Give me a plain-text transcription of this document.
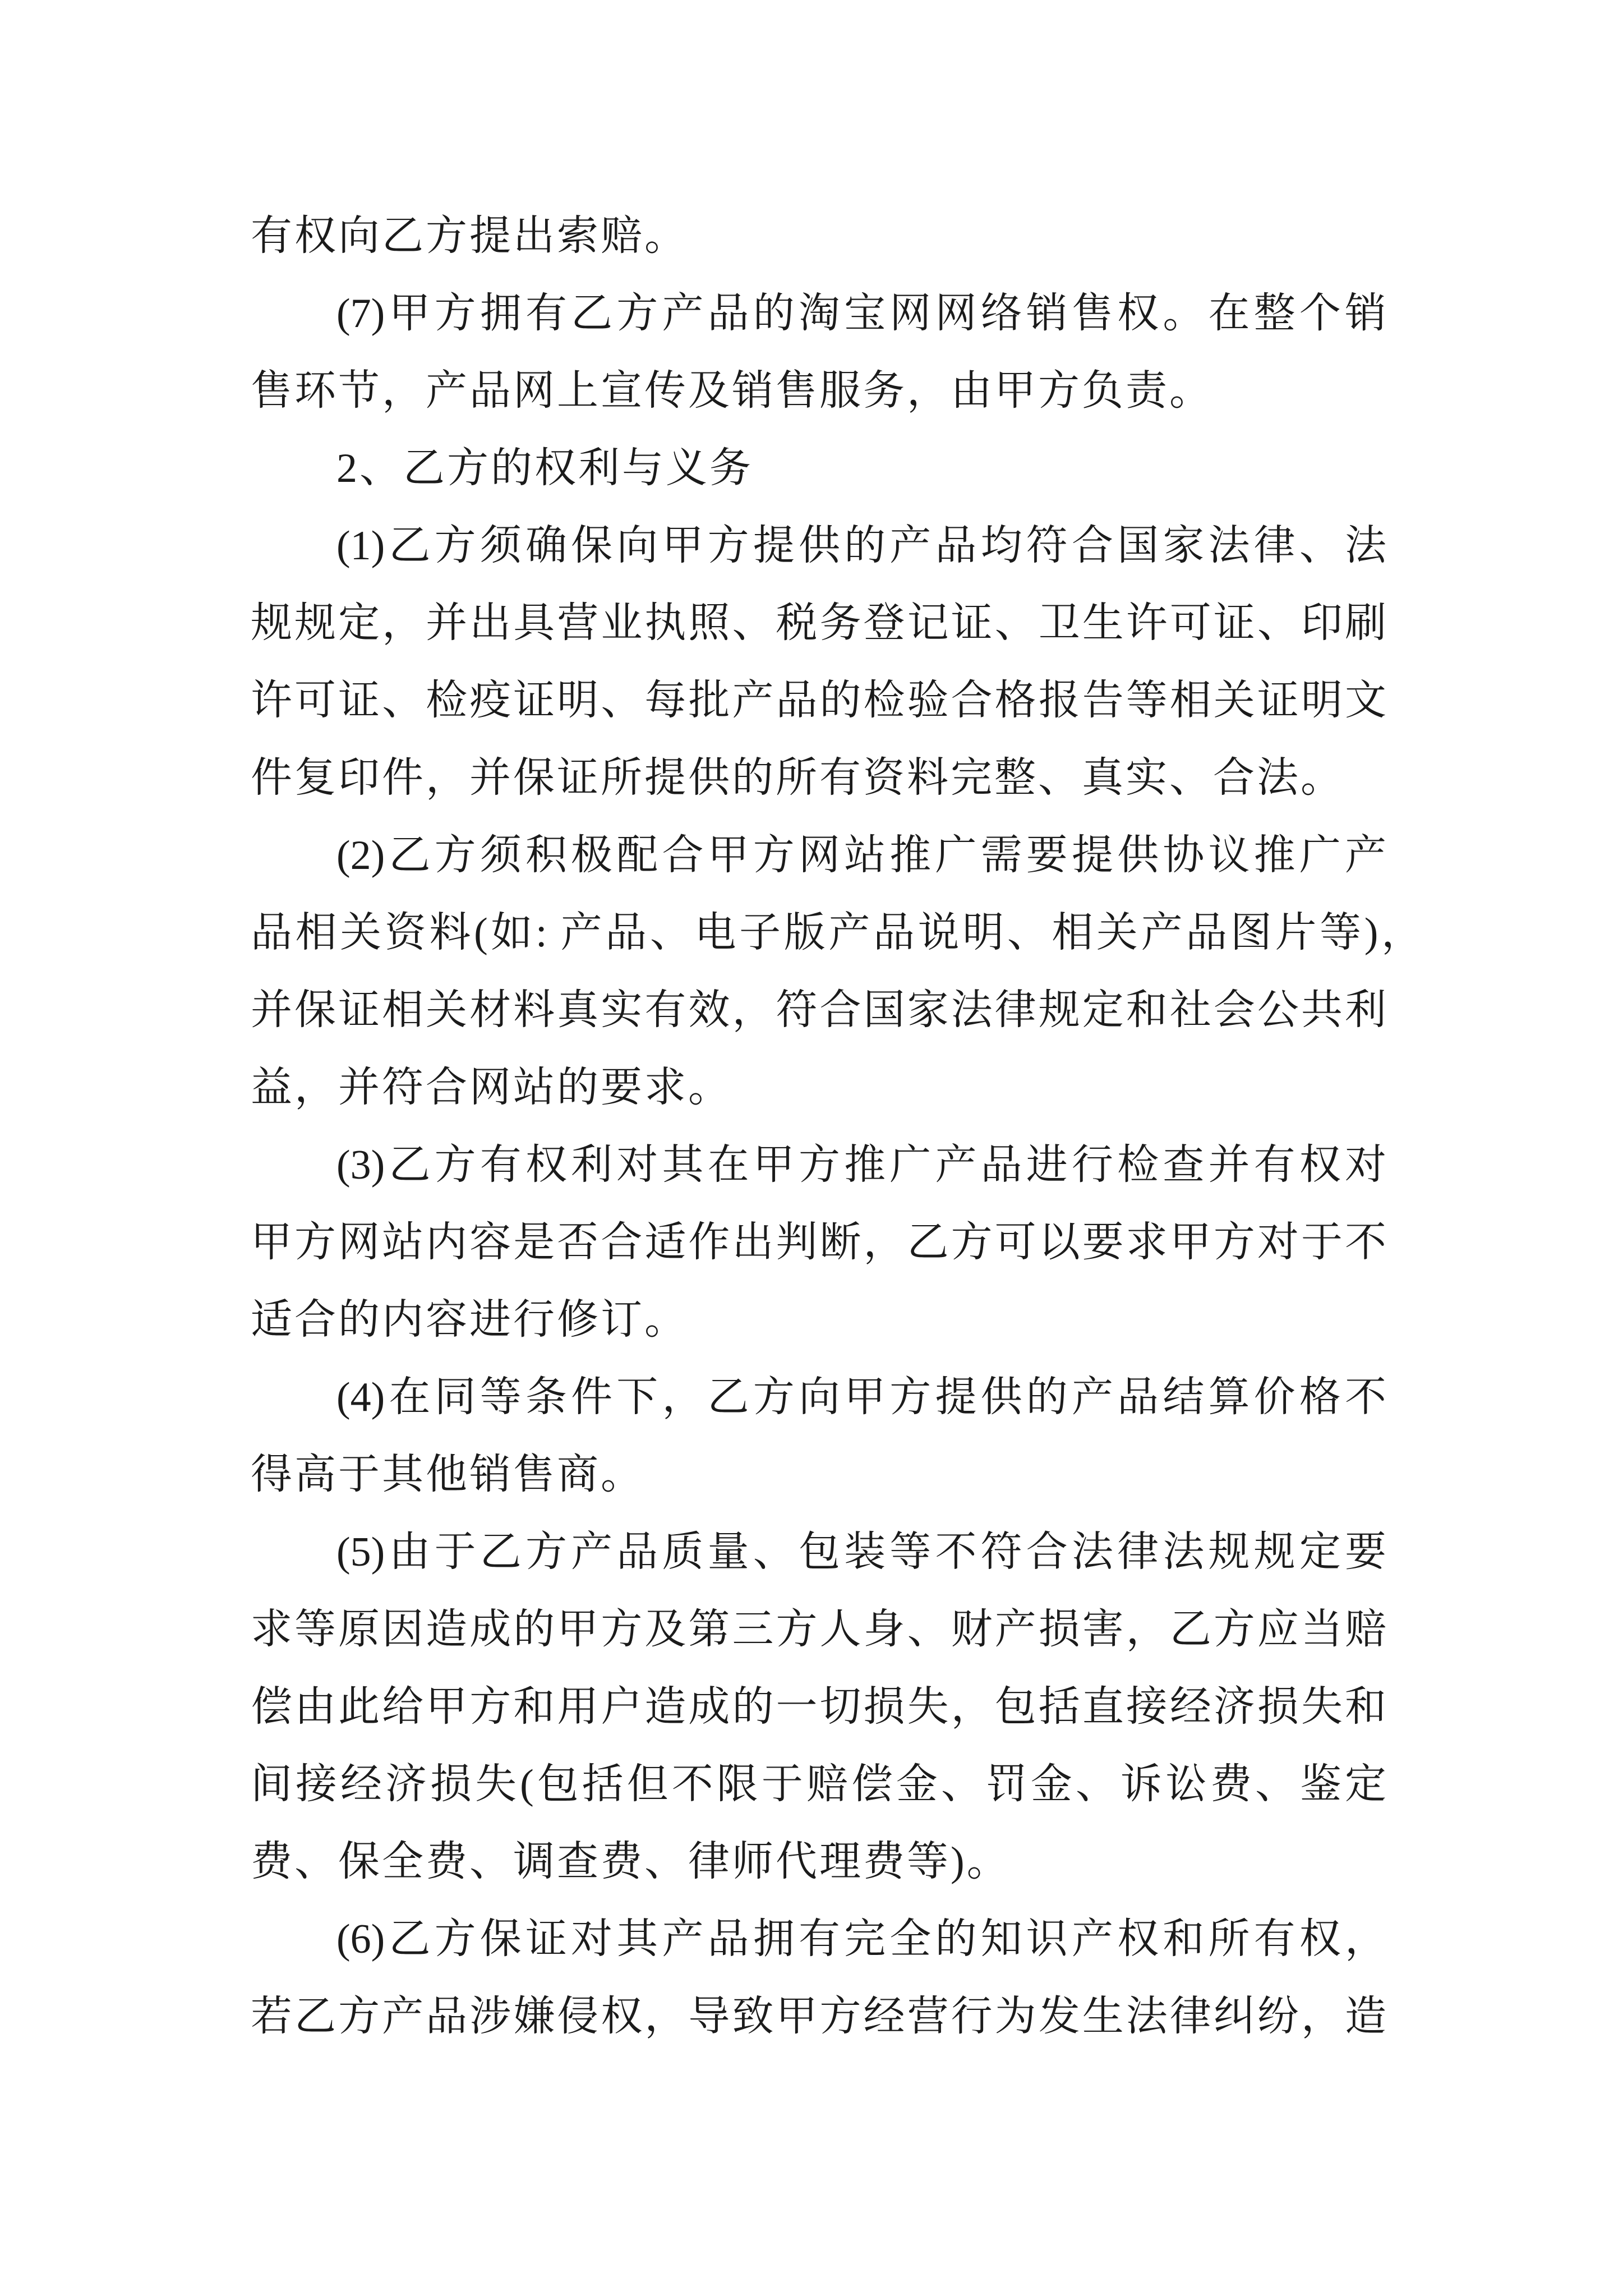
有权向乙方提出索赔。
(7)甲方拥有乙方产品的淘宝网网络销售权。在整个销
售环节，产品网上宣传及销售服务，由甲方负责。
2、乙方的权利与义务
(1)乙方须确保向甲方提供的产品均符合国家法律、法
规规定，并出具营业执照、税务登记证、卫生许可证、印刷
许可证、检疫证明、每批产品的检验合格报告等相关证明文
件复印件，并保证所提供的所有资料完整、真实、合法。
(2)乙方须积极配合甲方网站推广需要提供协议推广产
品相关资料(如: 产品、电子版产品说明、相关产品图片等)，
并保证相关材料真实有效，符合国家法律规定和社会公共利
益，并符合网站的要求。
(3)乙方有权利对其在甲方推广产品进行检查并有权对
甲方网站内容是否合适作出判断，乙方可以要求甲方对于不
适合的内容进行修订。
(4)在同等条件下，乙方向甲方提供的产品结算价格不
得高于其他销售商。
(5)由于乙方产品质量、包装等不符合法律法规规定要
求等原因造成的甲方及第三方人身、财产损害，乙方应当赔
偿由此给甲方和用户造成的一切损失，包括直接经济损失和
间接经济损失(包括但不限于赔偿金、罚金、诉讼费、鉴定
费、保全费、调查费、律师代理费等)。
(6)乙方保证对其产品拥有完全的知识产权和所有权，
若乙方产品涉嫌侵权，导致甲方经营行为发生法律纠纷，造
